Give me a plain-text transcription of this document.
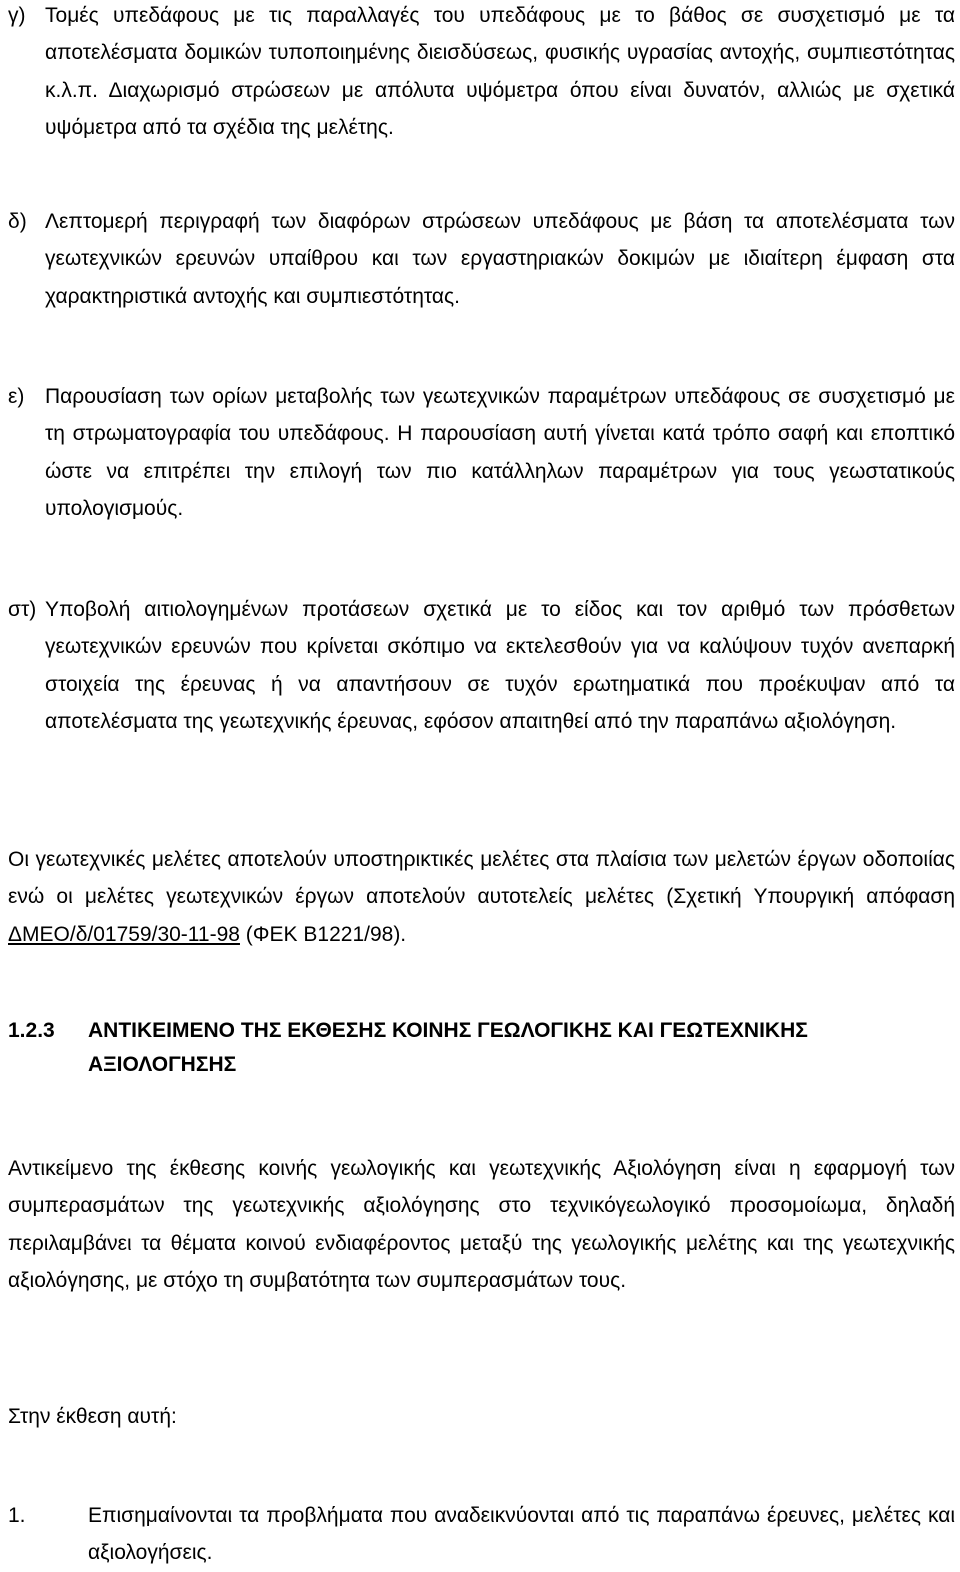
γ) Τομές υπεδάφους με τις παραλλαγές του υπεδάφους με το βάθος σε συσχετισμό με τα αποτελέσματα δομικών τυποποιημένης διεισδύσεως, φυσικής υγρασίας αντοχής, συμπιεστότητας κ.λ.π. Διαχωρισμό στρώσεων με απόλυτα υψόμετρα όπου είναι δυνατόν, αλλιώς με σχετικά υψόμετρα από τα σχέδια της μελέτης.

δ) Λεπτομερή περιγραφή των διαφόρων στρώσεων υπεδάφους με βάση τα αποτελέσματα των γεωτεχνικών ερευνών υπαίθρου και των εργαστηριακών δοκιμών με ιδιαίτερη έμφαση στα χαρακτηριστικά αντοχής και συμπιεστότητας.

ε) Παρουσίαση των ορίων μεταβολής των γεωτεχνικών παραμέτρων υπεδάφους σε συσχετισμό με τη στρωματογραφία του υπεδάφους. Η παρουσίαση αυτή γίνεται κατά τρόπο σαφή και εποπτικό ώστε να επιτρέπει την επιλογή των πιο κατάλληλων παραμέτρων για τους γεωστατικούς υπολογισμούς.

στ) Υποβολή αιτιολογημένων προτάσεων σχετικά με το είδος και τον αριθμό των πρόσθετων γεωτεχνικών ερευνών που κρίνεται σκόπιμο να εκτελεσθούν για να καλύψουν τυχόν ανεπαρκή στοιχεία της έρευνας ή να απαντήσουν σε τυχόν ερωτηματικά που προέκυψαν από τα αποτελέσματα της γεωτεχνικής έρευνας, εφόσον απαιτηθεί από την παραπάνω αξιολόγηση.

Οι γεωτεχνικές μελέτες αποτελούν υποστηρικτικές μελέτες στα πλαίσια των μελετών έργων οδοποιίας ενώ οι μελέτες γεωτεχνικών έργων αποτελούν αυτοτελείς μελέτες (Σχετική Υπουργική απόφαση ΔΜΕΟ/δ/01759/30-11-98 (ΦΕΚ Β1221/98).

1.2.3 ΑΝΤΙΚΕΙΜΕΝΟ ΤΗΣ ΕΚΘΕΣΗΣ ΚΟΙΝΗΣ ΓΕΩΛΟΓΙΚΗΣ ΚΑΙ ΓΕΩΤΕΧΝΙΚΗΣ ΑΞΙΟΛΟΓΗΣΗΣ

Αντικείμενο της έκθεσης κοινής γεωλογικής και γεωτεχνικής Αξιολόγηση είναι η εφαρμογή των συμπερασμάτων της γεωτεχνικής αξιολόγησης στο τεχνικόγεωλογικό προσομοίωμα, δηλαδή περιλαμβάνει τα θέματα κοινού ενδιαφέροντος μεταξύ της γεωλογικής μελέτης και της γεωτεχνικής αξιολόγησης, με στόχο τη συμβατότητα των συμπερασμάτων τους.

Στην έκθεση αυτή:

1.	Επισημαίνονται τα προβλήματα που αναδεικνύονται από τις παραπάνω έρευνες, μελέτες και αξιολογήσεις.
